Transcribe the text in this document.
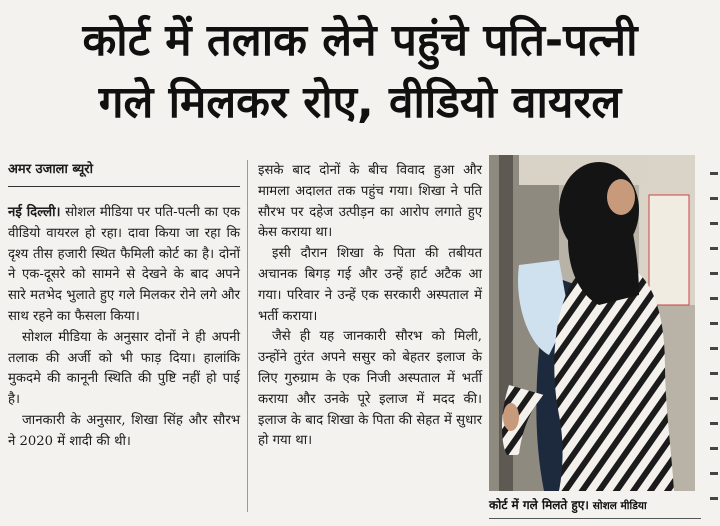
कोर्ट में तलाक लेने पहुंचे पति-पत्नी
गले मिलकर रोए, वीडियो वायरल
अमर उजाला ब्यूरो

नई दिल्ली। सोशल मीडिया पर पति-पत्नी का एक वीडियो वायरल हो रहा। दावा किया जा रहा कि दृश्य तीस हजारी स्थित फैमिली कोर्ट का है। दोनों ने एक-दूसरे को सामने से देखने के बाद अपने सारे मतभेद भुलाते हुए गले मिलकर रोने लगे और साथ रहने का फैसला किया।

सोशल मीडिया के अनुसार दोनों ने ही अपनी तलाक की अर्जी को भी फाड़ दिया। हालांकि मुकदमे की कानूनी स्थिति की पुष्टि नहीं हो पाई है।

जानकारी के अनुसार, शिखा सिंह और सौरभ ने 2020 में शादी की थी।

इसके बाद दोनों के बीच विवाद हुआ और मामला अदालत तक पहुंच गया। शिखा ने पति सौरभ पर दहेज उत्पीड़न का आरोप लगाते हुए केस कराया था।

इसी दौरान शिखा के पिता की तबीयत अचानक बिगड़ गई और उन्हें हार्ट अटैक आ गया। परिवार ने उन्हें एक सरकारी अस्पताल में भर्ती कराया।

जैसे ही यह जानकारी सौरभ को मिली, उन्होंने तुरंत अपने ससुर को बेहतर इलाज के लिए गुरुग्राम के एक निजी अस्पताल में भर्ती कराया और उनके पूरे इलाज में मदद की। इलाज के बाद शिखा के पिता की सेहत में सुधार हो गया था।

कोर्ट में गले मिलते हुए। सोशल मीडिया
